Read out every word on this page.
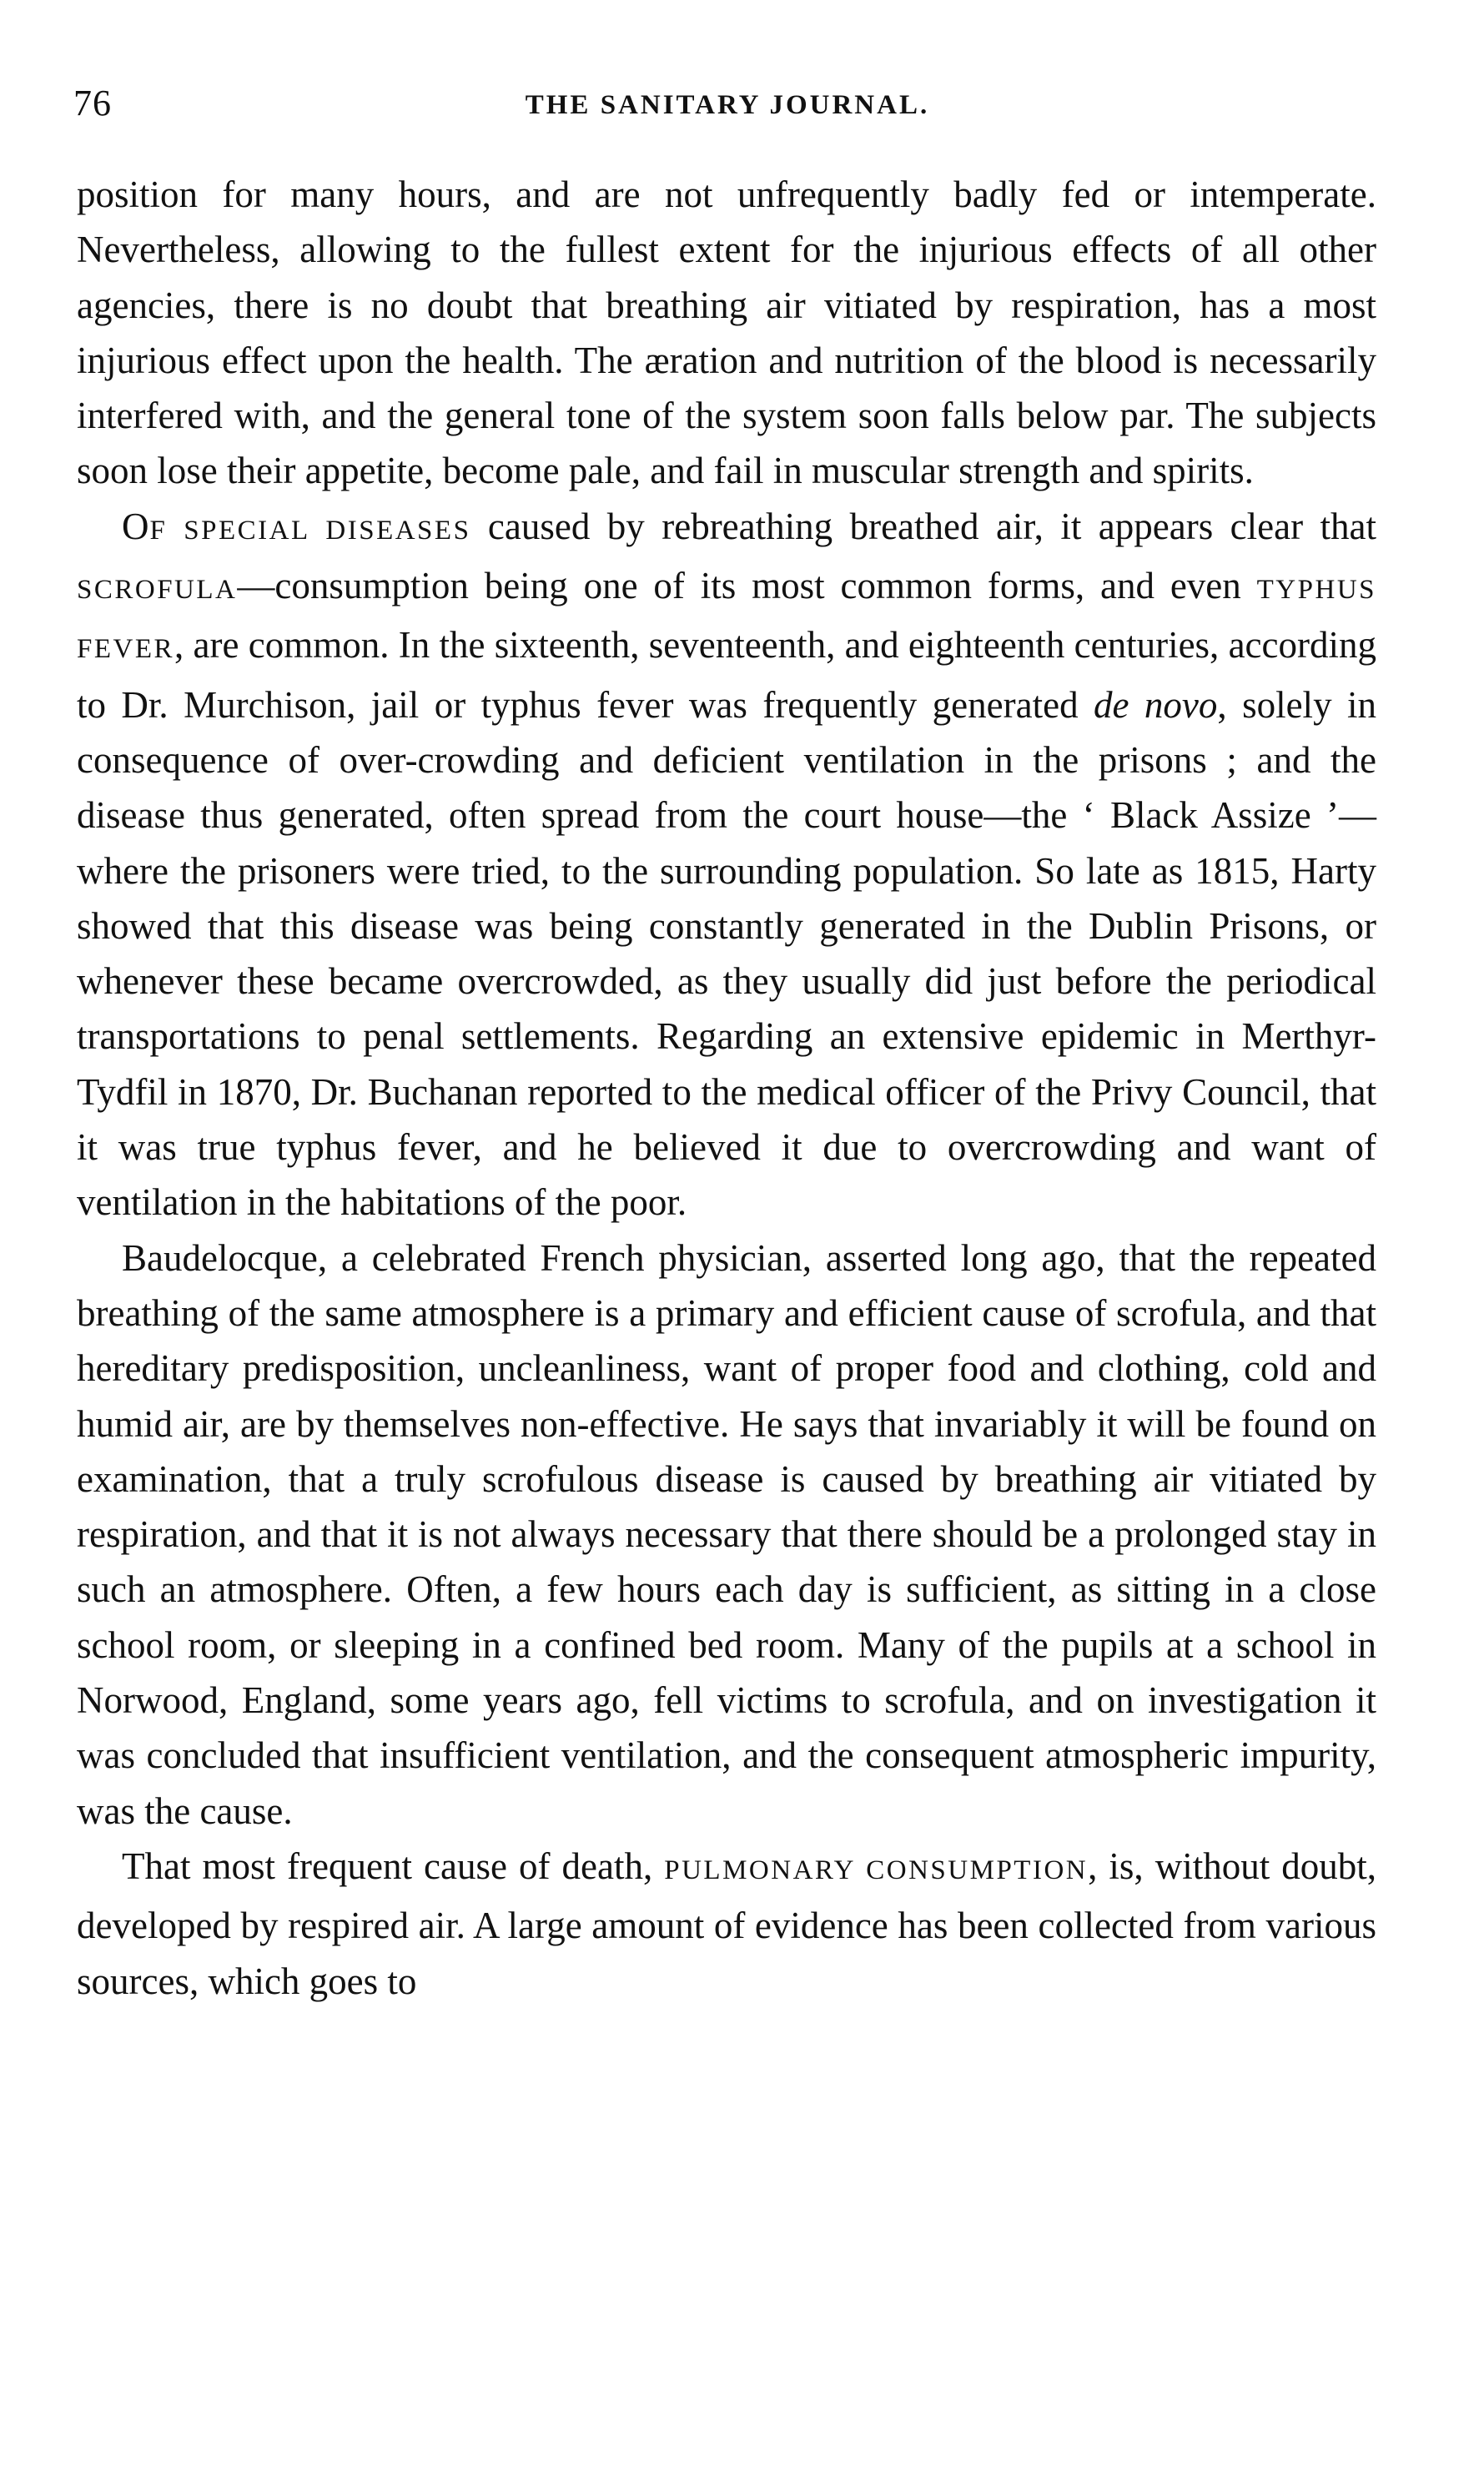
76	THE SANITARY JOURNAL.

position for many hours, and are not unfrequently badly fed or intemperate. Nevertheless, allowing to the fullest extent for the injurious effects of all other agencies, there is no doubt that breathing air vitiated by respiration, has a most injurious effect upon the health. The æration and nutrition of the blood is necessarily interfered with, and the general tone of the system soon falls below par. The subjects soon lose their appetite, become pale, and fail in muscular strength and spirits.

OF SPECIAL DISEASES caused by rebreathing breathed air, it appears clear that SCROFULA—consumption being one of its most common forms, and even TYPHUS FEVER, are common. In the sixteenth, seventeenth, and eighteenth centuries, according to Dr. Murchison, jail or typhus fever was frequently generated de novo, solely in consequence of over-crowding and deficient ventilation in the prisons ; and the disease thus generated, often spread from the court house—the ‘ Black Assize ’—where the prisoners were tried, to the surrounding population. So late as 1815, Harty showed that this disease was being constantly generated in the Dublin Prisons, or whenever these became overcrowded, as they usually did just before the periodical transportations to penal settlements. Regarding an extensive epidemic in Merthyr-Tydfil in 1870, Dr. Buchanan reported to the medical officer of the Privy Council, that it was true typhus fever, and he believed it due to overcrowding and want of ventilation in the habitations of the poor.

Baudelocque, a celebrated French physician, asserted long ago, that the repeated breathing of the same atmosphere is a primary and efficient cause of scrofula, and that hereditary predisposition, uncleanliness, want of proper food and clothing, cold and humid air, are by themselves non-effective. He says that invariably it will be found on examination, that a truly scrofulous disease is caused by breathing air vitiated by respiration, and that it is not always necessary that there should be a prolonged stay in such an atmosphere. Often, a few hours each day is sufficient, as sitting in a close school room, or sleeping in a confined bed room. Many of the pupils at a school in Norwood, England, some years ago, fell victims to scrofula, and on investigation it was concluded that insufficient ventilation, and the consequent atmospheric impurity, was the cause.

That most frequent cause of death, PULMONARY CONSUMPTION, is, without doubt, developed by respired air. A large amount of evidence has been collected from various sources, which goes to
